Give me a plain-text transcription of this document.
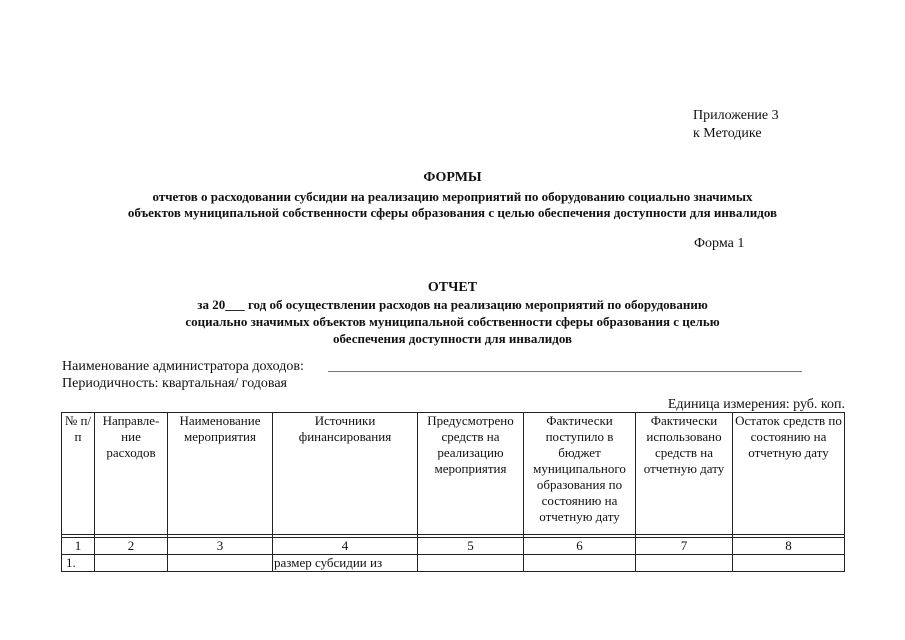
Приложение 3
к Методике
ФОРМЫ
отчетов о расходовании субсидии на реализацию мероприятий по оборудованию социально значимых
объектов муниципальной собственности сферы образования с целью обеспечения доступности для инвалидов
Форма 1
ОТЧЕТ
за 20___ год об осуществлении расходов на реализацию мероприятий по оборудованию
социально значимых объектов муниципальной собственности сферы образования с целью
обеспечения доступности для инвалидов
Наименование администратора доходов:
Периодичность: квартальная/ годовая
Единица измерения: руб. коп.
№ п/п	Направле-ние расходов	Наименование мероприятия	Источники финансирования	Предусмотрено средств на реализацию мероприятия	Фактически поступило в бюджет муниципального образования по состоянию на отчетную дату	Фактически использовано средств на отчетную дату	Остаток средств по состоянию на отчетную дату

1	2	3	4	5	6	7	8
1.			размер субсидии из				
